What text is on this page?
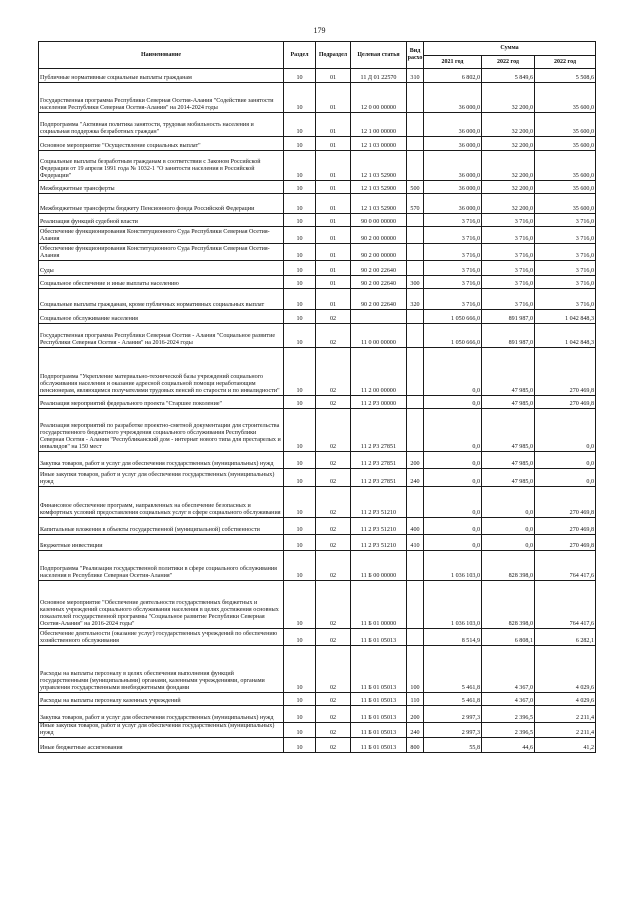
179
Наименование	Раздел	Подраздел	Целевая статья	Вид расхо	Сумма		
					2021 год	2022 год	2022 год
Публичные нормативные социальные выплаты гражданам	10	01	11 Д 01 22570	310	6 802,0	5 849,6	5 508,6
Государственная программа Республики Северная Осетия-Алания "Содействие занятости населения Республики Северная Осетия-Алания" на 2014-2024 годы	10	01	12 0 00 00000		36 000,0	32 200,0	35 600,0
Подпрограмма "Активная политика занятости, трудовая мобильность населения и социальная поддержка безработных граждан"	10	01	12 1 00 00000		36 000,0	32 200,0	35 600,0
Основное мероприятие "Осуществление социальных выплат"	10	01	12 1 03 00000		36 000,0	32 200,0	35 600,0
Социальные выплаты безработным гражданам в соответствии с Законом Российской Федерации от 19 апреля 1991 года № 1032-1 "О занятости населения в Российской Федерации"	10	01	12 1 03 52900		36 000,0	32 200,0	35 600,0
Межбюджетные трансферты	10	01	12 1 03 52900	500	36 000,0	32 200,0	35 600,0
Межбюджетные трансферты бюджету Пенсионного фонда Российской Федерации	10	01	12 1 03 52900	570	36 000,0	32 200,0	35 600,0
Реализация функций судебной власти	10	01	90 0 00 00000		3 716,0	3 716,0	3 716,0
Обеспечение функционирования Конституционного Суда Республики Северная Осетия-Алания	10	01	90 2 00 00000		3 716,0	3 716,0	3 716,0
Обеспечение функционирования Конституционного Суда Республики Северная Осетия-Алания	10	01	90 2 00 00000		3 716,0	3 716,0	3 716,0
Суды	10	01	90 2 00 22640		3 716,0	3 716,0	3 716,0
Социальное обеспечение и иные выплаты населению	10	01	90 2 00 22640	300	3 716,0	3 716,0	3 716,0
Социальные выплаты гражданам, кроме публичных нормативных социальных выплат	10	01	90 2 00 22640	320	3 716,0	3 716,0	3 716,0
Социальное обслуживание населения	10	02			1 050 666,0	891 987,0	1 042 848,3
Государственная программа Республики Северная Осетия - Алания "Социальное развитие Республики Северная Осетия - Алания" на 2016-2024 годы	10	02	11 0 00 00000		1 050 666,0	891 987,0	1 042 848,3
Подпрограмма "Укрепление материально-технической базы учреждений социального обслуживания населения и оказание адресной социальной помощи неработающим пенсионерам, являющимся получателями трудовых пенсий по старости и по инвалидности"	10	02	11 2 00 00000		0,0	47 985,0	270 469,8
Реализация мероприятий федерального проекта "Старшее поколение"	10	02	11 2 P3 00000		0,0	47 985,0	270 469,8
Реализация мероприятий по разработке проектно-сметной документации для строительства государственного бюджетного учреждения социального обслуживания Республики Северная Осетия - Алания "Республиканский дом - интернат нового типа для престарелых и инвалидов" на 150 мест	10	02	11 2 P3 27851		0,0	47 985,0	0,0
Закупка товаров, работ и услуг для обеспечения государственных (муниципальных) нужд	10	02	11 2 P3 27851	200	0,0	47 985,0	0,0
Иные закупки товаров, работ и услуг для обеспечения государственных (муниципальных) нужд	10	02	11 2 P3 27851	240	0,0	47 985,0	0,0
Финансовое обеспечение программ, направленных на обеспечение безопасных и комфортных условий предоставления социальных услуг в сфере социального обслуживания	10	02	11 2 P3 51210		0,0	0,0	270 469,8
Капитальные вложения в объекты государственной (муниципальной) собственности	10	02	11 2 P3 51210	400	0,0	0,0	270 469,8
Бюджетные инвестиции	10	02	11 2 P3 51210	410	0,0	0,0	270 469,8
Подпрограмма "Реализация государственной политики в сфере социального обслуживания населения в Республике Северная Осетия-Алания"	10	02	11 Б 00 00000		1 036 103,0	828 398,0	764 417,6
Основное мероприятие "Обеспечение деятельности государственных бюджетных и казенных учреждений социального обслуживания населения в целях достижения основных показателей государственной программы "Социальное развитие Республики Северная Осетия-Алания" на 2016-2024 годы"	10	02	11 Б 01 00000		1 036 103,0	828 398,0	764 417,6
Обеспечение деятельности (оказание услуг) государственных учреждений по обеспечению хозяйственного обслуживания	10	02	11 Б 01 05013		8 514,9	6 808,1	6 282,1
Расходы на выплаты персоналу в целях обеспечения выполнения функций государственными (муниципальными) органами, казенными учреждениями, органами управления государственными внебюджетными фондами	10	02	11 Б 01 05013	100	5 461,8	4 367,0	4 029,6
Расходы на выплаты персоналу казенных учреждений	10	02	11 Б 01 05013	110	5 461,8	4 367,0	4 029,6
Закупка товаров, работ и услуг для обеспечения государственных (муниципальных) нужд	10	02	11 Б 01 05013	200	2 997,3	2 396,5	2 211,4
Иные закупки товаров, работ и услуг для обеспечения государственных (муниципальных) нужд	10	02	11 Б 01 05013	240	2 997,3	2 396,5	2 211,4
Иные бюджетные ассигнования	10	02	11 Б 01 05013	800	55,8	44,6	41,2
